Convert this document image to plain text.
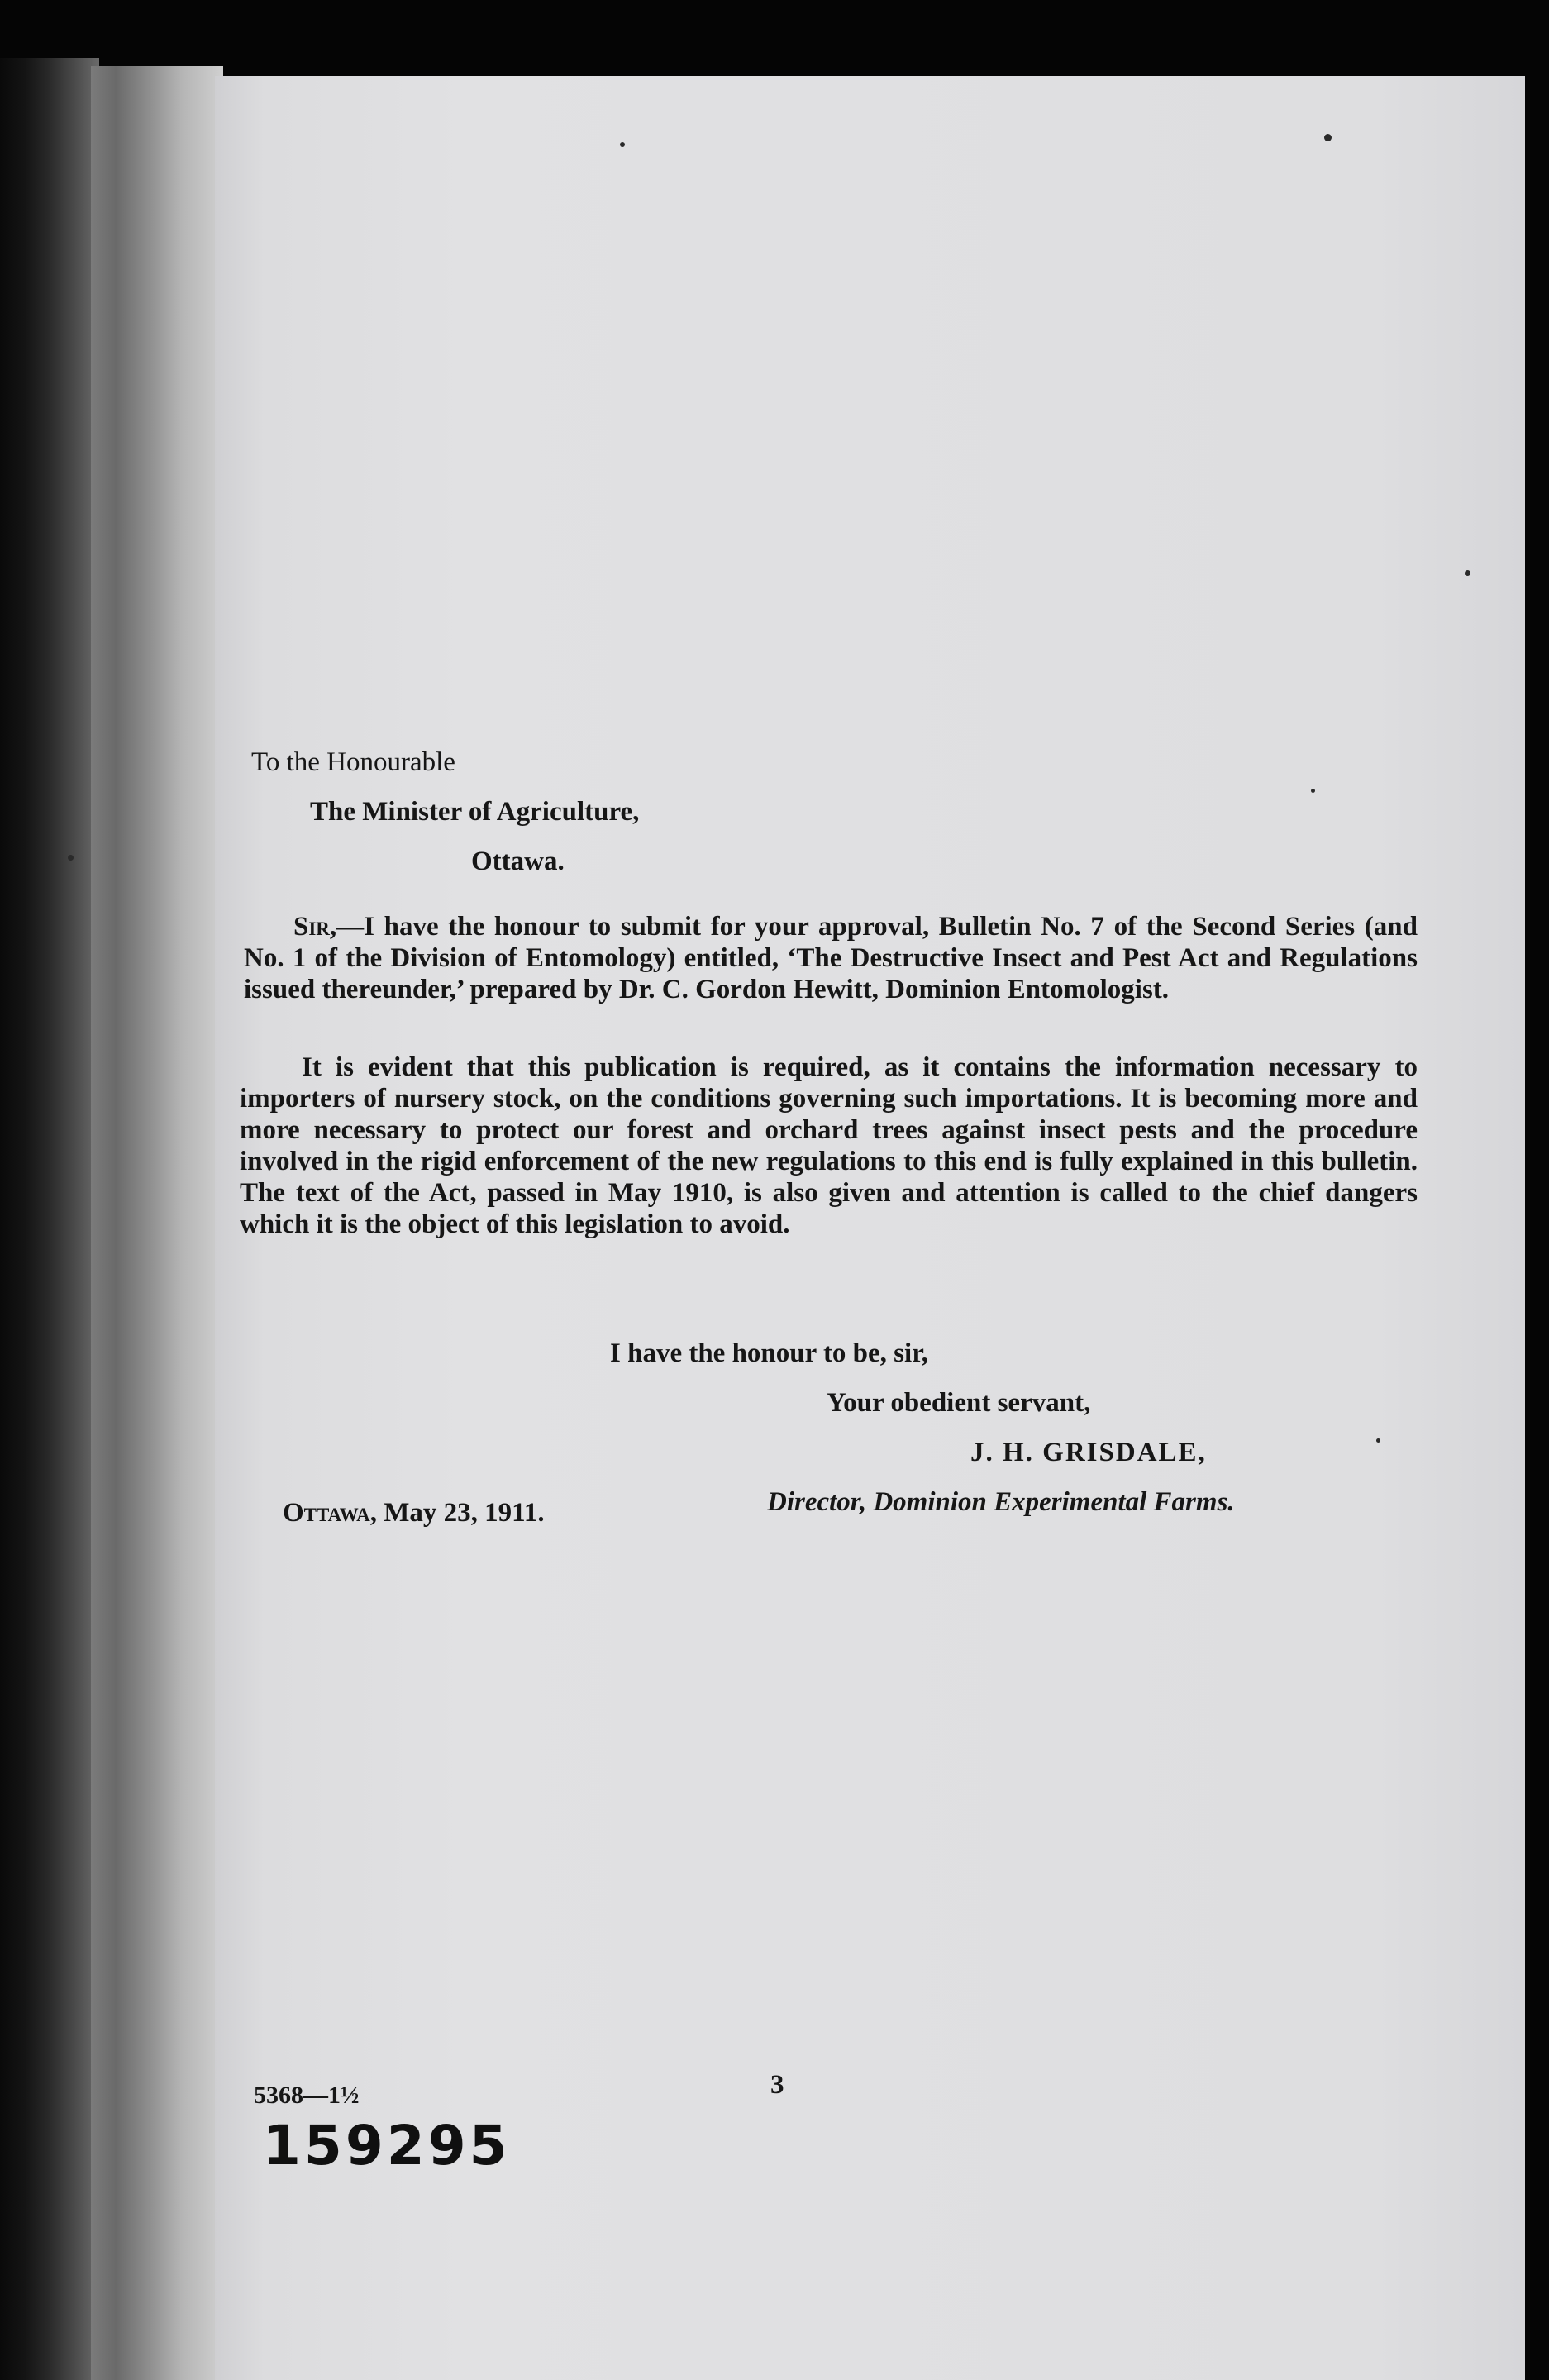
To the Honourable
The Minister of Agriculture,
Ottawa.
Sir,—I have the honour to submit for your approval, Bulletin No. 7 of the Second Series (and No. 1 of the Division of Entomology) entitled, ‘The Destructive Insect and Pest Act and Regulations issued thereunder,’ prepared by Dr. C. Gordon Hewitt, Dominion Entomologist.
It is evident that this publication is required, as it contains the information necessary to importers of nursery stock, on the conditions governing such importations. It is becoming more and more necessary to protect our forest and orchard trees against insect pests and the procedure involved in the rigid enforcement of the new regulations to this end is fully explained in this bulletin. The text of the Act, passed in May 1910, is also given and attention is called to the chief dangers which it is the object of this legislation to avoid.
I have the honour to be, sir,
Your obedient servant,
J. H. GRISDALE,
Director, Dominion Experimental Farms.
Ottawa, May 23, 1911.
3
5368—1½
159295
